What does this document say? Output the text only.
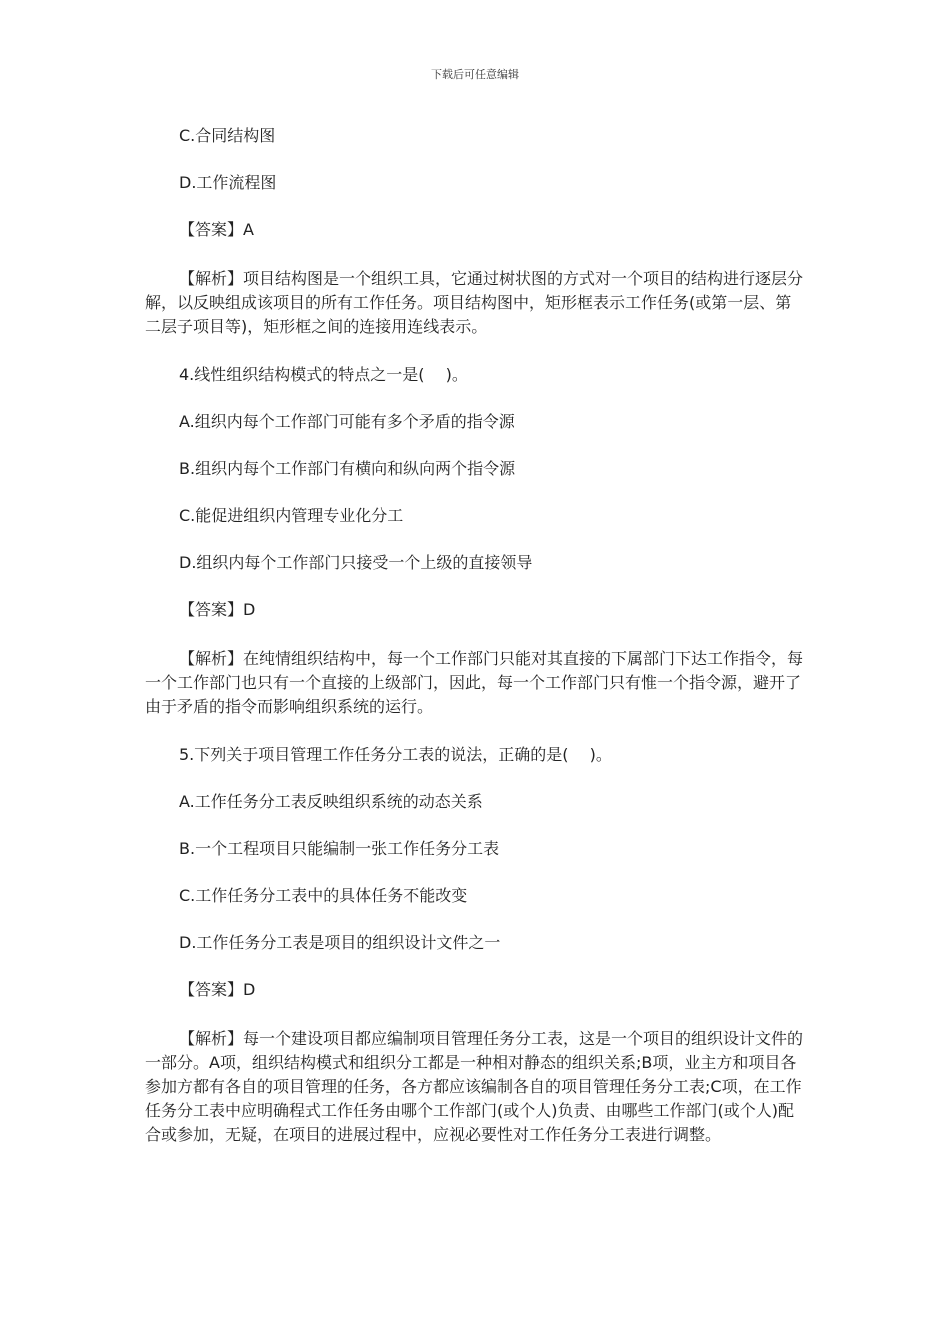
下载后可任意编辑
C.合同结构图
D.工作流程图
【答案】A
【解析】项目结构图是一个组织工具，它通过树状图的方式对一个项目的结构进行逐层分解，以反映组成该项目的所有工作任务。项目结构图中，矩形框表示工作任务(或第一层、第二层子项目等)，矩形框之间的连接用连线表示。
4.线性组织结构模式的特点之一是(　 )。
A.组织内每个工作部门可能有多个矛盾的指令源
B.组织内每个工作部门有横向和纵向两个指令源
C.能促进组织内管理专业化分工
D.组织内每个工作部门只接受一个上级的直接领导
【答案】D
【解析】在纯情组织结构中，每一个工作部门只能对其直接的下属部门下达工作指令，每一个工作部门也只有一个直接的上级部门，因此，每一个工作部门只有惟一个指令源，避开了由于矛盾的指令而影响组织系统的运行。
5.下列关于项目管理工作任务分工表的说法，正确的是(　 )。
A.工作任务分工表反映组织系统的动态关系
B.一个工程项目只能编制一张工作任务分工表
C.工作任务分工表中的具体任务不能改变
D.工作任务分工表是项目的组织设计文件之一
【答案】D
【解析】每一个建设项目都应编制项目管理任务分工表，这是一个项目的组织设计文件的一部分。A项，组织结构模式和组织分工都是一种相对静态的组织关系;B项，业主方和项目各参加方都有各自的项目管理的任务，各方都应该编制各自的项目管理任务分工表;C项，在工作任务分工表中应明确程式工作任务由哪个工作部门(或个人)负责、由哪些工作部门(或个人)配合或参加，无疑，在项目的进展过程中，应视必要性对工作任务分工表进行调整。
